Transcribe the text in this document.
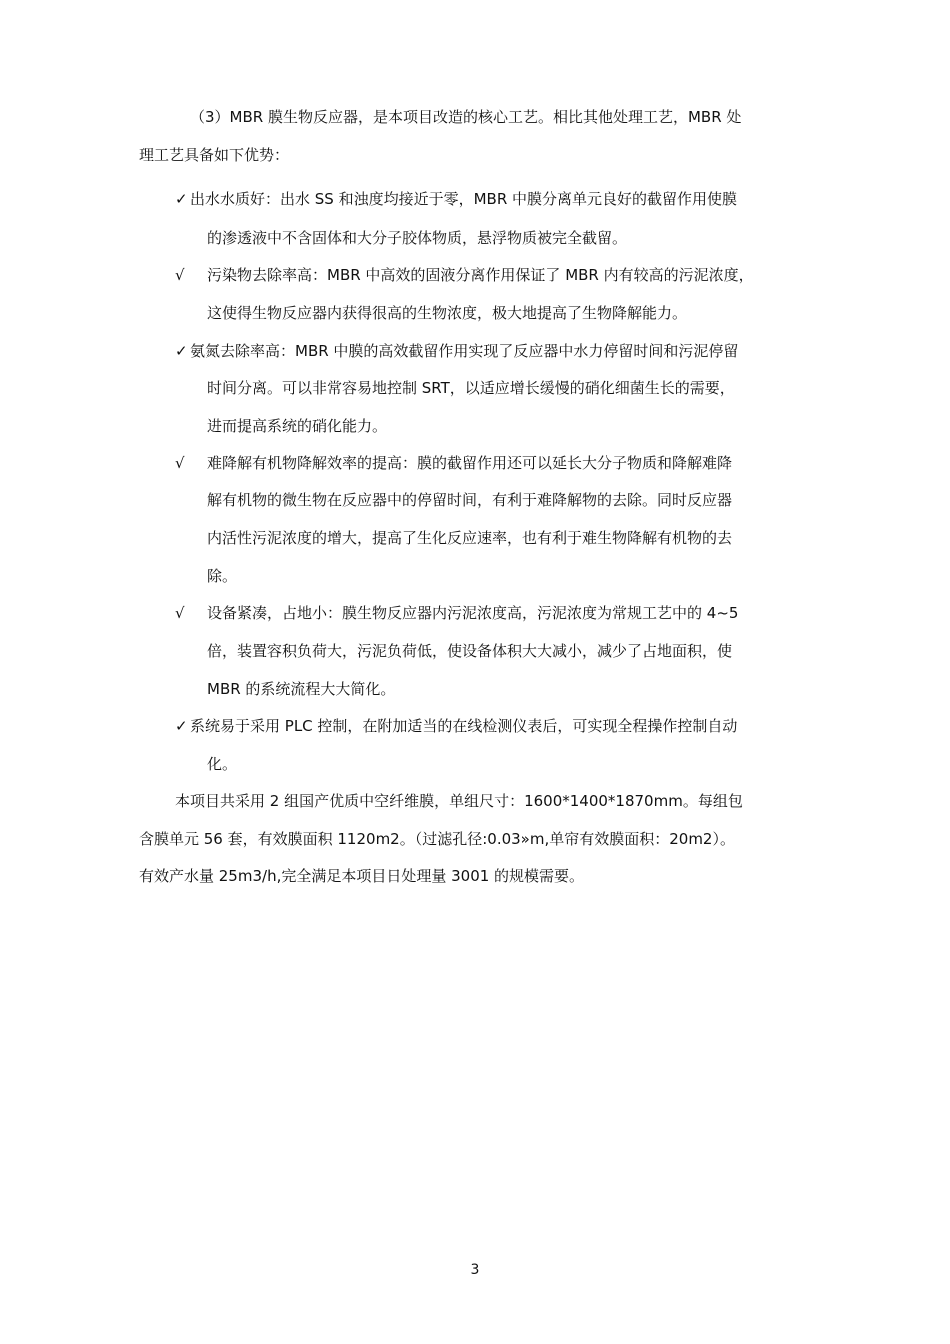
（3）MBR 膜生物反应器，是本项目改造的核心工艺。相比其他处理工艺，MBR 处
理工艺具备如下优势：
✓ 出水水质好：出水 SS 和浊度均接近于零，MBR 中膜分离单元良好的截留作用使膜
的渗透液中不含固体和大分子胶体物质，悬浮物质被完全截留。
√ 污染物去除率高：MBR 中高效的固液分离作用保证了 MBR 内有较高的污泥浓度，
这使得生物反应器内获得很高的生物浓度，极大地提高了生物降解能力。
✓ 氨氮去除率高：MBR 中膜的高效截留作用实现了反应器中水力停留时间和污泥停留
时间分离。可以非常容易地控制 SRT，以适应增长缓慢的硝化细菌生长的需要，
进而提高系统的硝化能力。
√ 难降解有机物降解效率的提高：膜的截留作用还可以延长大分子物质和降解难降
解有机物的微生物在反应器中的停留时间，有利于难降解物的去除。同时反应器
内活性污泥浓度的增大，提高了生化反应速率，也有利于难生物降解有机物的去
除。
√ 设备紧凑，占地小：膜生物反应器内污泥浓度高，污泥浓度为常规工艺中的 4~5
倍，装置容积负荷大，污泥负荷低，使设备体积大大减小，减少了占地面积，使
MBR 的系统流程大大简化。
✓ 系统易于采用 PLC 控制，在附加适当的在线检测仪表后，可实现全程操作控制自动
化。
本项目共采用 2 组国产优质中空纤维膜，单组尺寸：1600*1400*1870mm。每组包
含膜单元 56 套，有效膜面积 1120m2。（过滤孔径:0.03»m,单帘有效膜面积：20m2）。
有效产水量 25m3/h,完全满足本项目日处理量 3001 的规模需要。
3
